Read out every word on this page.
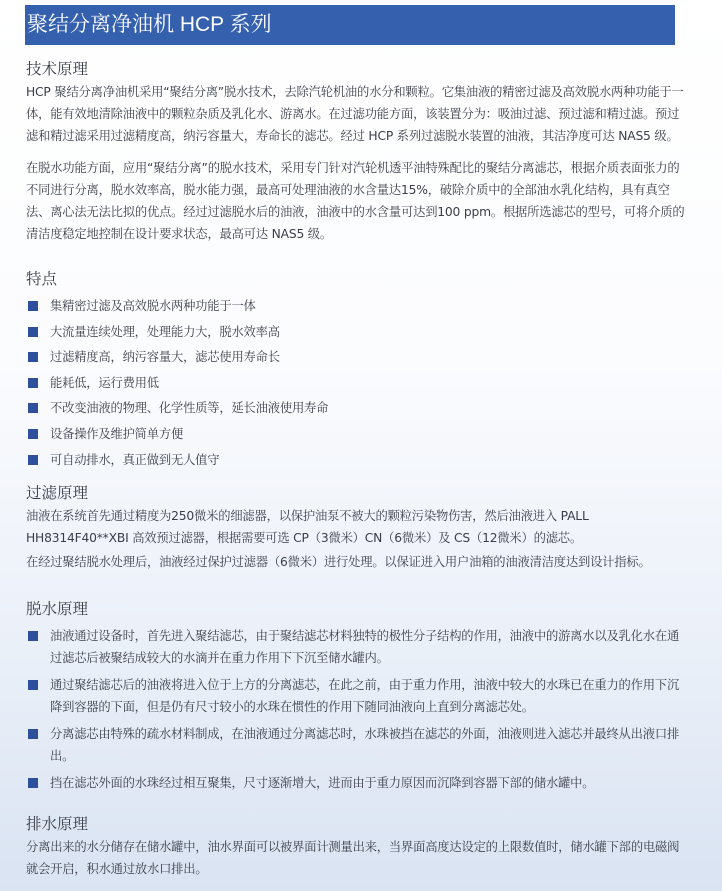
聚结分离净油机 HCP 系列
技术原理

HCP 聚结分离净油机采用“聚结分离”脱水技术，去除汽轮机油的水分和颗粒。它集油液的精密过滤及高效脱水两种功能于一体，能有效地清除油液中的颗粒杂质及乳化水、游离水。在过滤功能方面，该装置分为：吸油过滤、预过滤和精过滤。预过滤和精过滤采用过滤精度高，纳污容量大，寿命长的滤芯。经过 HCP 系列过滤脱水装置的油液，其洁净度可达 NAS5 级。

在脱水功能方面，应用“聚结分离”的脱水技术，采用专门针对汽轮机透平油特殊配比的聚结分离滤芯，根据介质表面张力的不同进行分离，脱水效率高，脱水能力强，最高可处理油液的水含量达15%，破除介质中的全部油水乳化结构，具有真空法、离心法无法比拟的优点。经过过滤脱水后的油液，油液中的水含量可达到100 ppm。根据所选滤芯的型号，可将介质的清洁度稳定地控制在设计要求状态，最高可达 NAS5 级。

特点
集精密过滤及高效脱水两种功能于一体
大流量连续处理，处理能力大，脱水效率高
过滤精度高，纳污容量大，滤芯使用寿命长
能耗低，运行费用低
不改变油液的物理、化学性质等，延长油液使用寿命
设备操作及维护简单方便
可自动排水，真正做到无人值守
过滤原理

油液在系统首先通过精度为250微米的细滤器，以保护油泵不被大的颗粒污染物伤害，然后油液进入 PALL HH8314F40**XBI 高效预过滤器，根据需要可选 CP（3微米）CN（6微米）及 CS（12微米）的滤芯。

在经过聚结脱水处理后，油液经过保护过滤器（6微米）进行处理。以保证进入用户油箱的油液清洁度达到设计指标。

脱水原理
油液通过设备时，首先进入聚结滤芯，由于聚结滤芯材料独特的极性分子结构的作用，油液中的游离水以及乳化水在通过滤芯后被聚结成较大的水滴并在重力作用下下沉至储水罐内。
通过聚结滤芯后的油液将进入位于上方的分离滤芯，在此之前，由于重力作用，油液中较大的水珠已在重力的作用下沉降到容器的下面，但是仍有尺寸较小的水珠在惯性的作用下随同油液向上直到分离滤芯处。
分离滤芯由特殊的疏水材料制成，在油液通过分离滤芯时，水珠被挡在滤芯的外面，油液则进入滤芯并最终从出液口排出。
挡在滤芯外面的水珠经过相互聚集，尺寸逐渐增大，进而由于重力原因而沉降到容器下部的储水罐中。
排水原理

分离出来的水分储存在储水罐中，油水界面可以被界面计测量出来，当界面高度达设定的上限数值时，储水罐下部的电磁阀就会开启，积水通过放水口排出。
